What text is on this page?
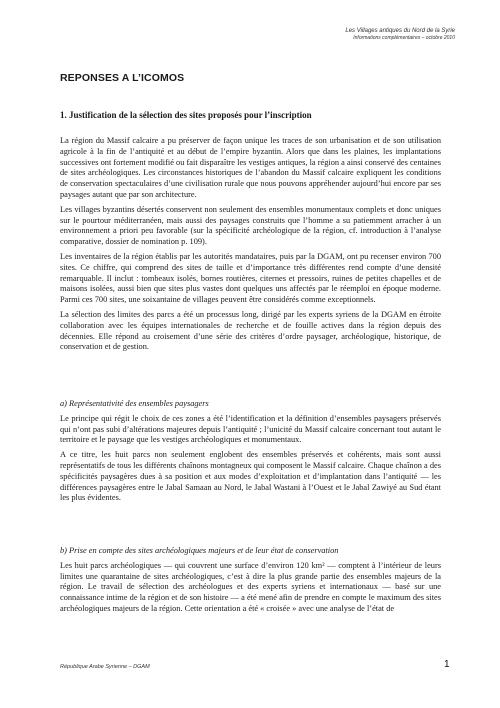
Les Villages antiques du Nord de la Syrie
Informations complémentaires – octobre 2010
REPONSES A L’ICOMOS
1. Justification de la sélection des sites proposés pour l’inscription

La région du Massif calcaire a pu préserver de façon unique les traces de son urbanisation et de son utilisation agricole à la fin de l’antiquité et au début de l’empire byzantin. Alors que dans les plaines, les implantations successives ont fortement modifié ou fait disparaître les vestiges antiques, la région a ainsi conservé des centaines de sites archéologiques. Les circonstances historiques de l’abandon du Massif calcaire expliquent les conditions de conservation spectaculaires d’une civilisation rurale que nous pouvons appréhender aujourd’hui encore par ses paysages autant que par son architecture.

Les villages byzantins désertés conservent non seulement des ensembles monumentaux complets et donc uniques sur le pourtour méditerranéen, mais aussi des paysages construits que l’homme a su patiemment arracher à un environnement a priori peu favorable (sur la spécificité archéologique de la région, cf. introduction à l’analyse comparative, dossier de nomination p. 109).

Les inventaires de la région établis par les autorités mandataires, puis par la DGAM, ont pu recenser environ 700 sites. Ce chiffre, qui comprend des sites de taille et d’importance très différentes rend compte d’une densité remarquable. Il inclut : tombeaux isolés, bornes routières, citernes et pressoirs, ruines de petites chapelles et de maisons isolées, aussi bien que sites plus vastes dont quelques uns affectés par le réemploi en époque moderne. Parmi ces 700 sites, une soixantaine de villages peuvent être considérés comme exceptionnels.

La sélection des limites des parcs a été un processus long, dirigé par les experts syriens de la DGAM en étroite collaboration avec les équipes internationales de recherche et de fouille actives dans la région depuis des décennies. Elle répond au croisement d’une série des critères d’ordre paysager, archéologique, historique, de conservation et de gestion.

a) Représentativité des ensembles paysagers

Le principe qui régit le choix de ces zones a été l’identification et la définition d’ensembles paysagers préservés qui n’ont pas subi d’altérations majeures depuis l’antiquité ; l’unicité du Massif calcaire concernant tout autant le territoire et le paysage que les vestiges archéologiques et monumentaux.

A ce titre, les huit parcs non seulement englobent des ensembles préservés et cohérents, mais sont aussi représentatifs de tous les différents chaînons montagneux qui composent le Massif calcaire. Chaque chaînon a des spécificités paysagères dues à sa position et aux modes d’exploitation et d’implantation dans l’antiquité — les différences paysagères entre le Jabal Samaan au Nord, le Jabal Wastani à l’Ouest et le Jabal Zawiyé au Sud étant les plus évidentes.

b) Prise en compte des sites archéologiques majeurs et de leur état de conservation

Les huit parcs archéologiques — qui couvrent une surface d’environ 120 km² — comptent à l’intérieur de leurs limites une quarantaine de sites archéologiques, c’est à dire la plus grande partie des ensembles majeurs de la région. Le travail de sélection des archéologues et des experts syriens et internationaux — basé sur une connaissance intime de la région et de son histoire — a été mené afin de prendre en compte le maximum des sites archéologiques majeurs de la région. Cette orientation a été « croisée » avec une analyse de l’état de

République Arabe Syrienne – DGAM	1
